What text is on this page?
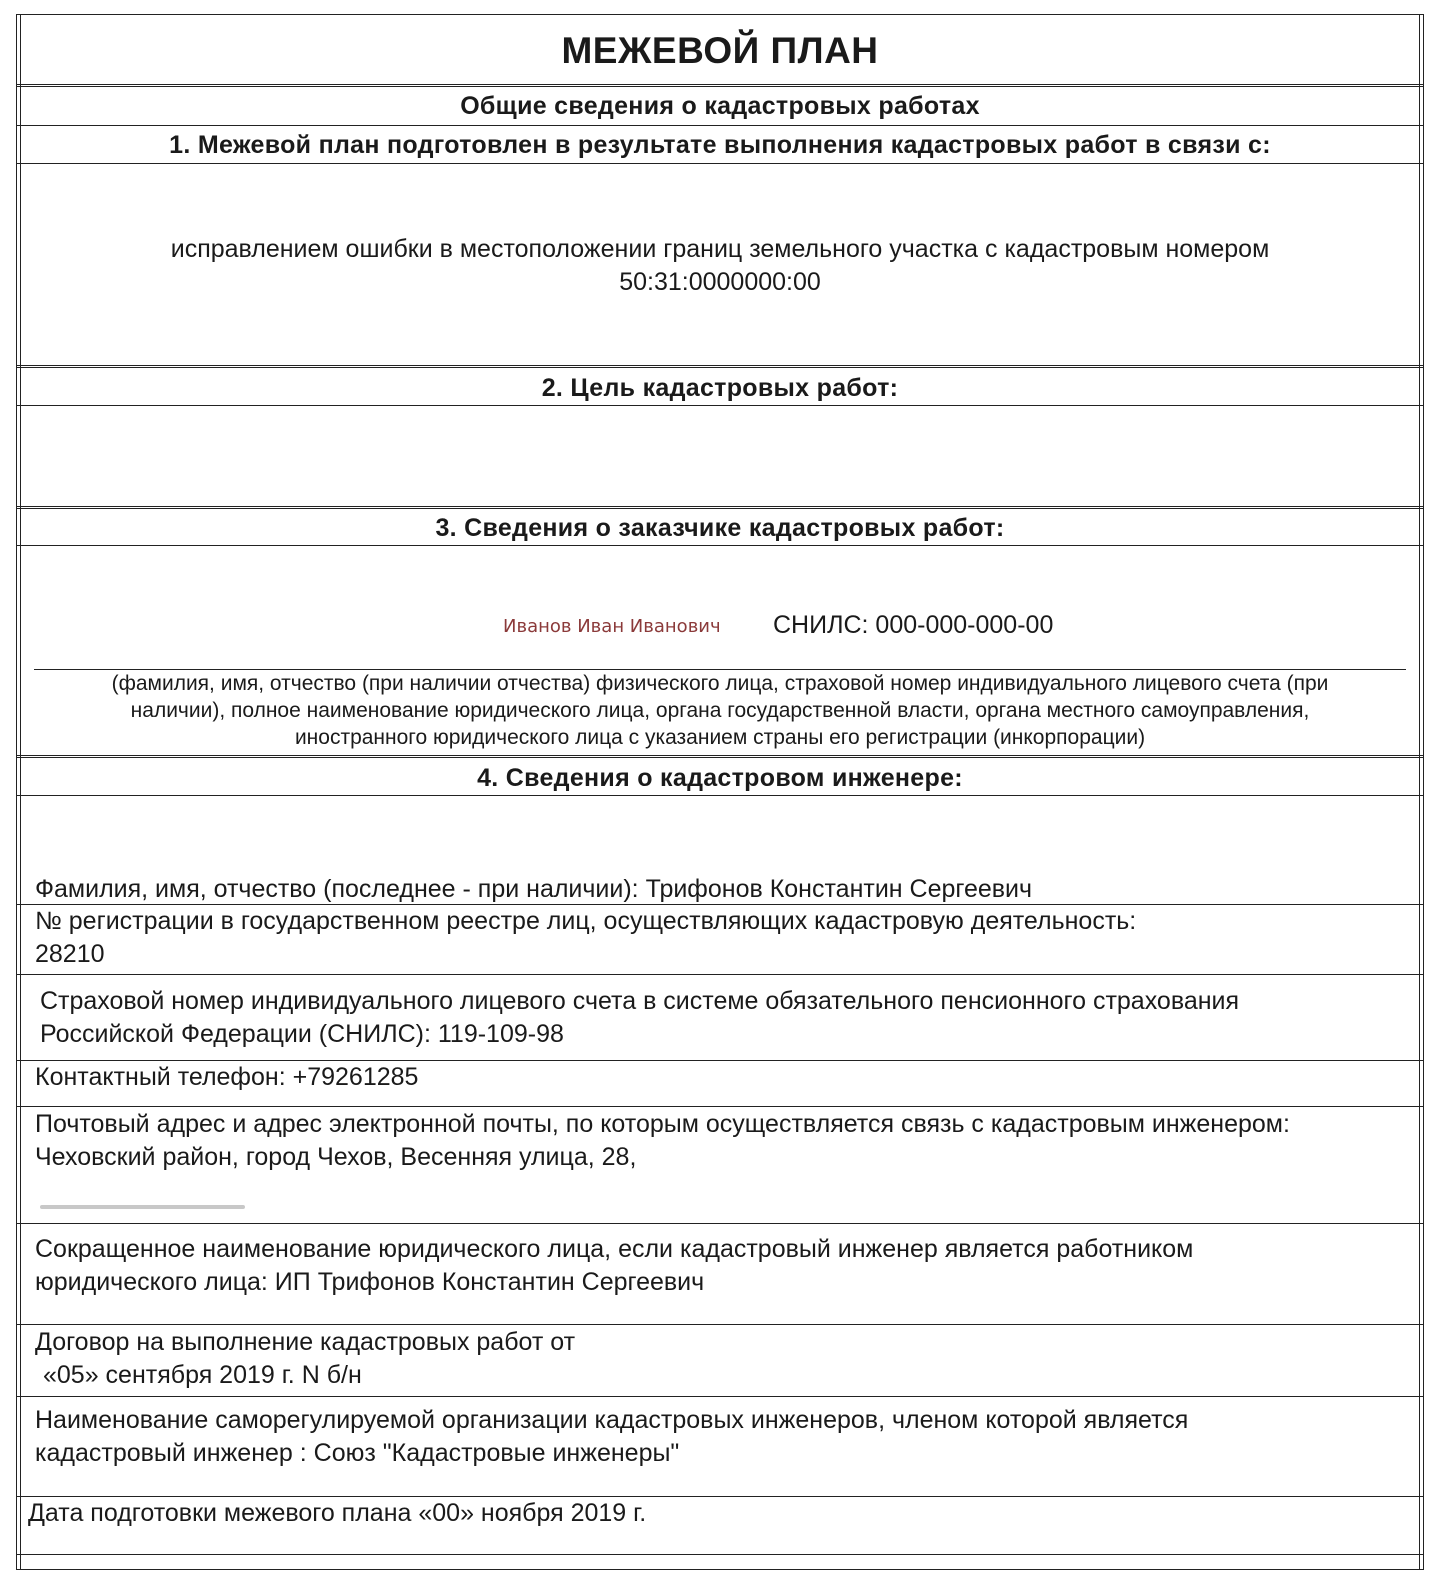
МЕЖЕВОЙ ПЛАН
Общие сведения о кадастровых работах
1. Межевой план подготовлен в результате выполнения кадастровых работ в связи с:
исправлением ошибки в местоположении границ земельного участка с кадастровым номером
50:31:0000000:00
2. Цель кадастровых работ:
3. Сведения о заказчике кадастровых работ:
Иванов Иван Иванович СНИЛС: 000-000-000-00
(фамилия, имя, отчество (при наличии отчества) физического лица, страховой номер индивидуального лицевого счета (при
наличии), полное наименование юридического лица, органа государственной власти, органа местного самоуправления,
иностранного юридического лица с указанием страны его регистрации (инкорпорации)
4. Сведения о кадастровом инженере:
Фамилия, имя, отчество (последнее - при наличии): Трифонов Константин Сергеевич
№ регистрации в государственном реестре лиц, осуществляющих кадастровую деятельность:
28210
Страховой номер индивидуального лицевого счета в системе обязательного пенсионного страхования
Российской Федерации (СНИЛС): 119-109-98
Контактный телефон: +79261285
Почтовый адрес и адрес электронной почты, по которым осуществляется связь с кадастровым инженером:
Чеховский район, город Чехов, Весенняя улица, 28,
Сокращенное наименование юридического лица, если кадастровый инженер является работником
юридического лица: ИП Трифонов Константин Сергеевич
Договор на выполнение кадастровых работ от
«05» сентября 2019 г. N б/н
Наименование саморегулируемой организации кадастровых инженеров, членом которой является
кадастровый инженер : Союз "Кадастровые инженеры"
Дата подготовки межевого плана «00» ноября 2019 г.
